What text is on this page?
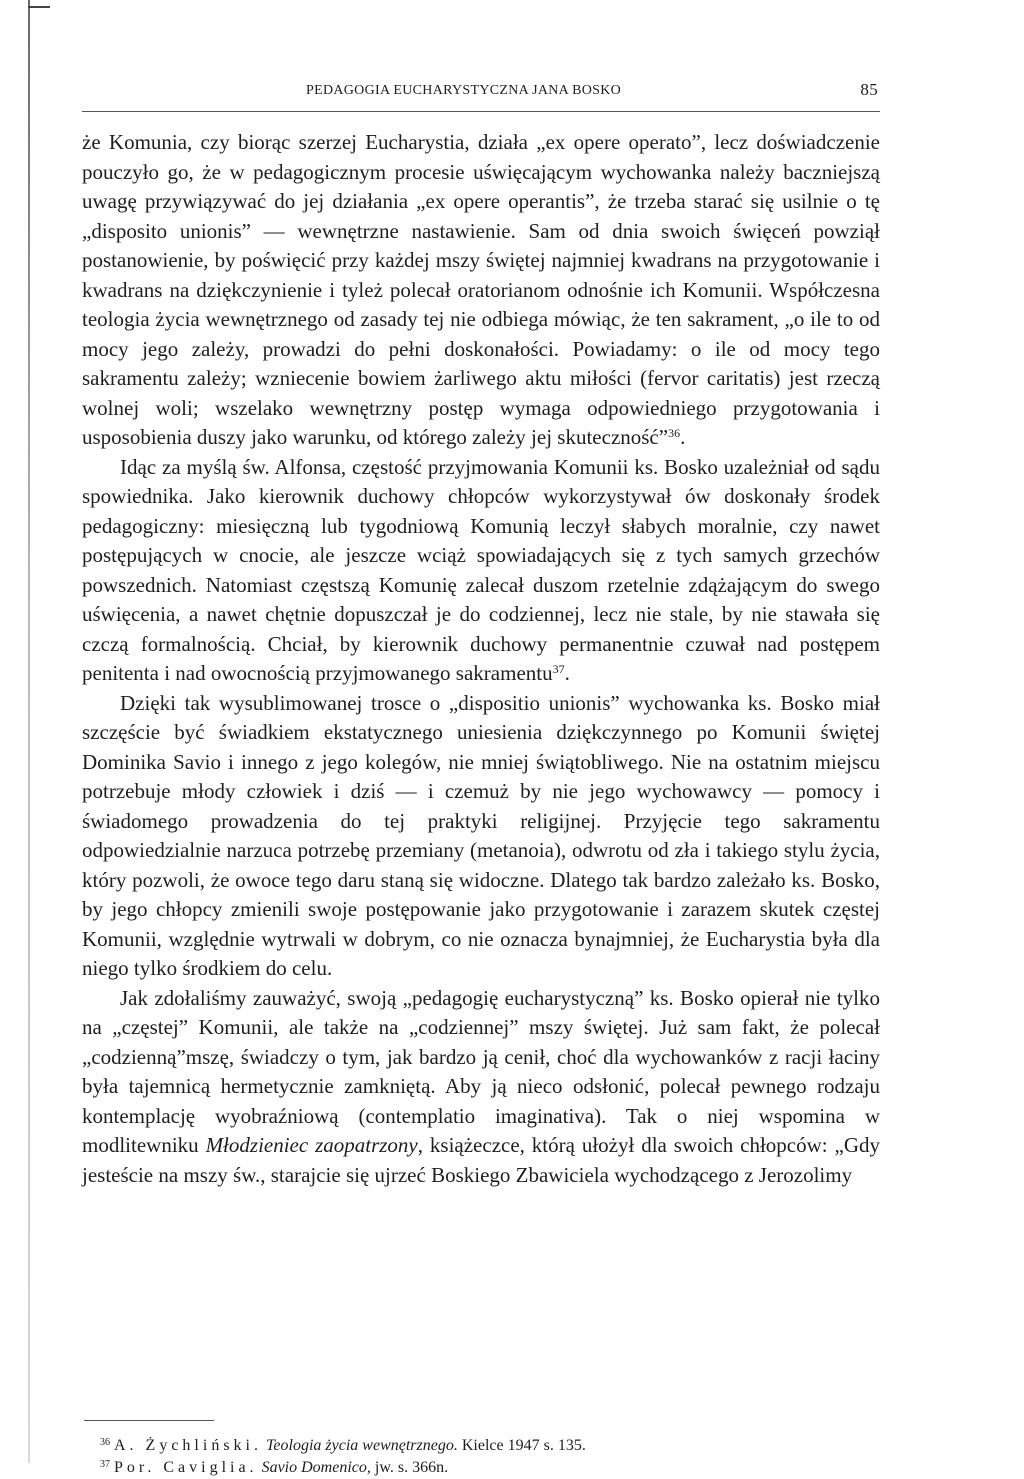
PEDAGOGIA EUCHARYSTYCZNA JANA BOSKO	85

że Komunia, czy biorąc szerzej Eucharystia, działa „ex opere operato”, lecz doświadczenie pouczyło go, że w pedagogicznym procesie uświęcającym wychowanka należy baczniejszą uwagę przywiązywać do jej działania „ex opere operantis”, że trzeba starać się usilnie o tę „disposito unionis” — wewnętrzne nastawienie. Sam od dnia swoich święceń powziął postanowienie, by poświęcić przy każdej mszy świętej najmniej kwadrans na przygotowanie i kwadrans na dziękczynienie i tyleż polecał oratorianom odnośnie ich Komunii. Współczesna teologia życia wewnętrznego od zasady tej nie odbiega mówiąc, że ten sakrament, „o ile to od mocy jego zależy, prowadzi do pełni doskonałości. Powiadamy: o ile od mocy tego sakramentu zależy; wzniecenie bowiem żarliwego aktu miłości (fervor caritatis) jest rzeczą wolnej woli; wszelako wewnętrzny postęp wymaga odpowiedniego przygotowania i usposobienia duszy jako warunku, od którego zależy jej skuteczność”$^{36}$.

Idąc za myślą św. Alfonsa, częstość przyjmowania Komunii ks. Bosko uzależniał od sądu spowiednika. Jako kierownik duchowy chłopców wykorzystywał ów doskonały środek pedagogiczny: miesięczną lub tygodniową Komunią leczył słabych moralnie, czy nawet postępujących w cnocie, ale jeszcze wciąż spowiadających się z tych samych grzechów powszednich. Natomiast częstszą Komunię zalecał duszom rzetelnie zdążającym do swego uświęcenia, a nawet chętnie dopuszczał je do codziennej, lecz nie stale, by nie stawała się czczą formalnością. Chciał, by kierownik duchowy permanentnie czuwał nad postępem penitenta i nad owocnością przyjmowanego sakramentu$^{37}$.

Dzięki tak wysublimowanej trosce o „dispositio unionis” wychowanka ks. Bosko miał szczęście być świadkiem ekstatycznego uniesienia dziękczynnego po Komunii świętej Dominika Savio i innego z jego kolegów, nie mniej świątobliwego. Nie na ostatnim miejscu potrzebuje młody człowiek i dziś — i czemuż by nie jego wychowawcy — pomocy i świadomego prowadzenia do tej praktyki religijnej. Przyjęcie tego sakramentu odpowiedzialnie narzuca potrzebę przemiany (metanoia), odwrotu od zła i takiego stylu życia, który pozwoli, że owoce tego daru staną się widoczne. Dlatego tak bardzo zależało ks. Bosko, by jego chłopcy zmienili swoje postępowanie jako przygotowanie i zarazem skutek częstej Komunii, względnie wytrwali w dobrym, co nie oznacza bynajmniej, że Eucharystia była dla niego tylko środkiem do celu.

Jak zdołaliśmy zauważyć, swoją „pedagogię eucharystyczną” ks. Bosko opierał nie tylko na „częstej” Komunii, ale także na „codziennej” mszy świętej. Już sam fakt, że polecał „codzienną”mszę, świadczy o tym, jak bardzo ją cenił, choć dla wychowanków z racji łaciny była tajemnicą hermetycznie zamkniętą. Aby ją nieco odsłonić, polecał pewnego rodzaju kontemplację wyobraźniową (contemplatio imaginativa). Tak o niej wspomina w modlitewniku Młodzieniec zaopatrzony, książeczce, którą ułożył dla swoich chłopców: „Gdy jesteście na mszy św., starajcie się ujrzeć Boskiego Zbawiciela wychodzącego z Jerozolimy

$^{36}$ A. Żychliński. Teologia życia wewnętrznego. Kielce 1947 s. 135.
$^{37}$ Por. Caviglia. Savio Domenico, jw. s. 366n.
